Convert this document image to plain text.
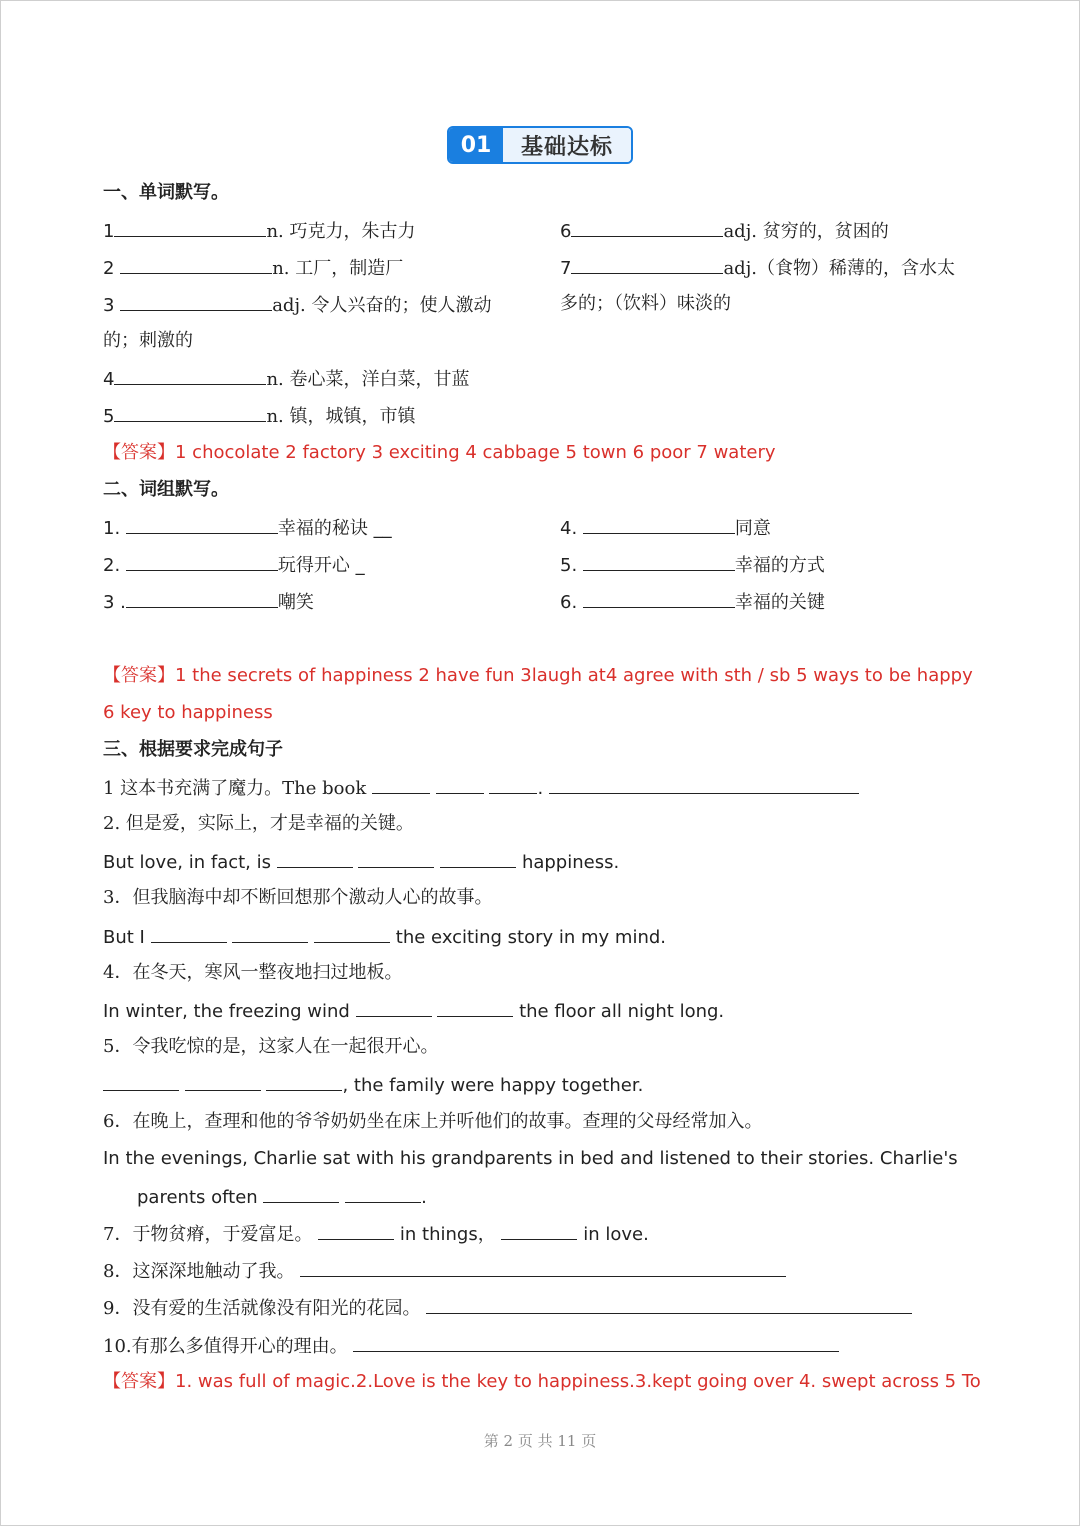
01	基础达标
一、单词默写。
1	n. 巧克力，朱古力
2	n. 工厂，制造厂
3	adj. 令人兴奋的；使人激动
的；刺激的
4	n. 卷心菜，洋白菜，甘蓝
5	n. 镇，城镇，市镇
6	adj. 贫穷的，贫困的
7	adj.（食物）稀薄的，含水太
多的；（饮料）味淡的
【答案】1 chocolate 2 factory 3 exciting 4 cabbage 5 town 6 poor 7 watery
二、词组默写。
1.	幸福的秘诀 __
2.	玩得开心 _
3 .	嘲笑
4.	同意
5.	幸福的方式
6.	幸福的关键
【答案】1 the secrets of happiness 2 have fun 3laugh at4 agree with sth / sb 5 ways to be happy
6 key to happiness
三、根据要求完成句子
1 这本书充满了魔力。The book	.
2. 但是爱，实际上，才是幸福的关键。
But love, in fact, is	happiness.
3．但我脑海中却不断回想那个激动人心的故事。
But I	the exciting story in my mind.
4．在冬天，寒风一整夜地扫过地板。
In winter, the freezing wind	the floor all night long.
5．令我吃惊的是，这家人在一起很开心。
, the family were happy together.
6．在晚上，查理和他的爷爷奶奶坐在床上并听他们的故事。查理的父母经常加入。
In the evenings, Charlie sat with his grandparents in bed and listened to their stories. Charlie's
parents often	.
7．于物贫瘠，于爱富足。	in things，	in love.
8．这深深地触动了我。
9．没有爱的生活就像没有阳光的花园。
10.有那么多值得开心的理由。
【答案】1. was full of magic.2.Love is the key to happiness.3.kept going over 4. swept across 5 To
第 2 页 共 11 页
